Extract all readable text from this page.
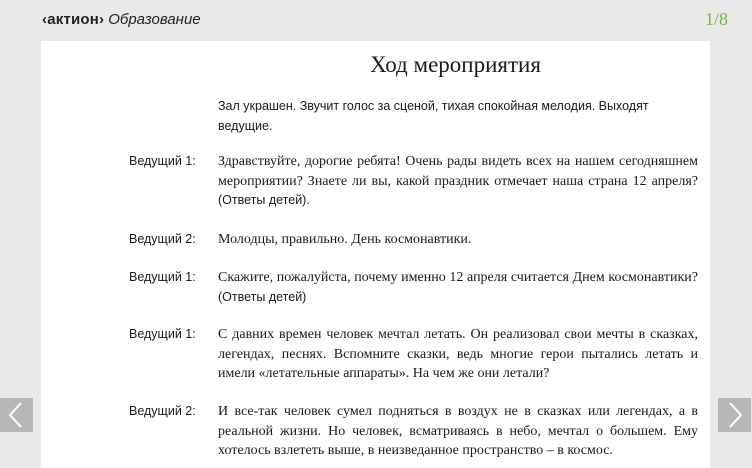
‹актион› Образование	1/8
Ход мероприятия
Зал украшен. Звучит голос за сценой, тихая спокойная мелодия. Выходят ведущие.
Ведущий 1: Здравствуйте, дорогие ребята! Очень рады видеть всех на нашем сегодняшнем мероприятии? Знаете ли вы, какой праздник отмечает наша страна 12 апреля? (Ответы детей).
Ведущий 2: Молодцы, правильно. День космонавтики.
Ведущий 1: Скажите, пожалуйста, почему именно 12 апреля считается Днем космонавтики? (Ответы детей)
Ведущий 1: С давних времен человек мечтал летать. Он реализовал свои мечты в сказках, легендах, песнях. Вспомните сказки, ведь многие герои пытались летать и имели «летательные аппараты». На чем же они летали?
Ведущий 2: И все-так человек сумел подняться в воздух не в сказках или легендах, а в реальной жизни. Но человек, всматриваясь в небо, мечтал о большем. Ему хотелось взлететь выше, в неизведанное пространство – в космос.
